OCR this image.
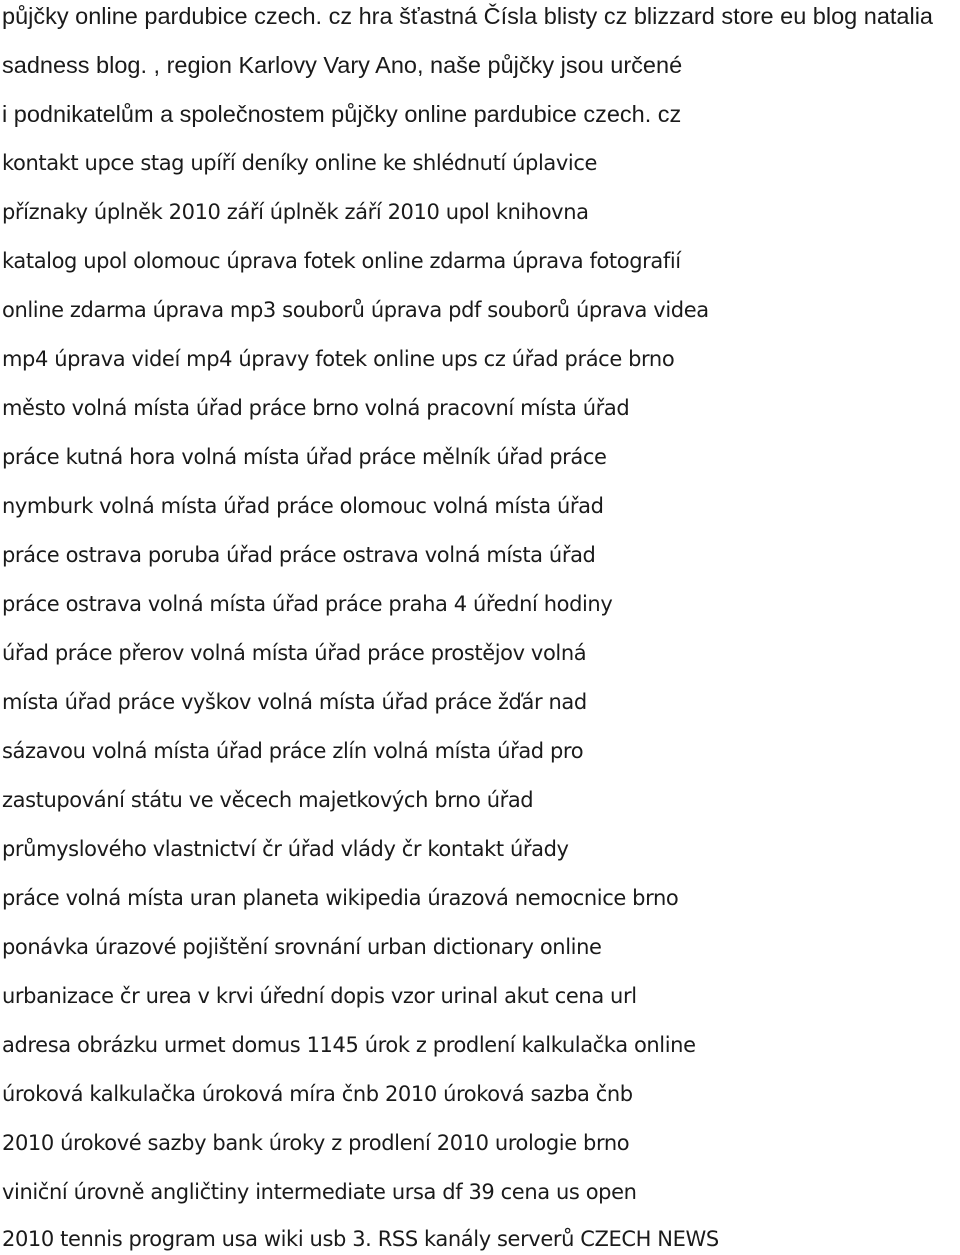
půjčky online pardubice czech. cz hra šťastná Čísla blisty cz blizzard store eu blog natalia
sadness blog. , region Karlovy Vary Ano, naše půjčky jsou určené
i podnikatelům a společnostem půjčky online pardubice czech. cz
kontakt upce stag upíří deníky online ke shlédnutí úplavice
příznaky úplněk 2010 září úplněk září 2010 upol knihovna
katalog upol olomouc úprava fotek online zdarma úprava fotografií
online zdarma úprava mp3 souborů úprava pdf souborů úprava videa
mp4 úprava videí mp4 úpravy fotek online ups cz úřad práce brno
město volná místa úřad práce brno volná pracovní místa úřad
práce kutná hora volná místa úřad práce mělník úřad práce
nymburk volná místa úřad práce olomouc volná místa úřad
práce ostrava poruba úřad práce ostrava volná místa úřad
práce ostrava volná místa úřad práce praha 4 úřední hodiny
úřad práce přerov volná místa úřad práce prostějov volná
místa úřad práce vyškov volná místa úřad práce žďár nad
sázavou volná místa úřad práce zlín volná místa úřad pro
zastupování státu ve věcech majetkových brno úřad
průmyslového vlastnictví čr úřad vlády čr kontakt úřady
práce volná místa uran planeta wikipedia úrazová nemocnice brno
ponávka úrazové pojištění srovnání urban dictionary online
urbanizace čr urea v krvi úřední dopis vzor urinal akut cena url
adresa obrázku urmet domus 1145 úrok z prodlení kalkulačka online
úroková kalkulačka úroková míra čnb 2010 úroková sazba čnb
2010 úrokové sazby bank úroky z prodlení 2010 urologie brno
viniční úrovně angličtiny intermediate ursa df 39 cena us open
2010 tennis program usa wiki usb 3. RSS kanály serverů CZECH NEWS
